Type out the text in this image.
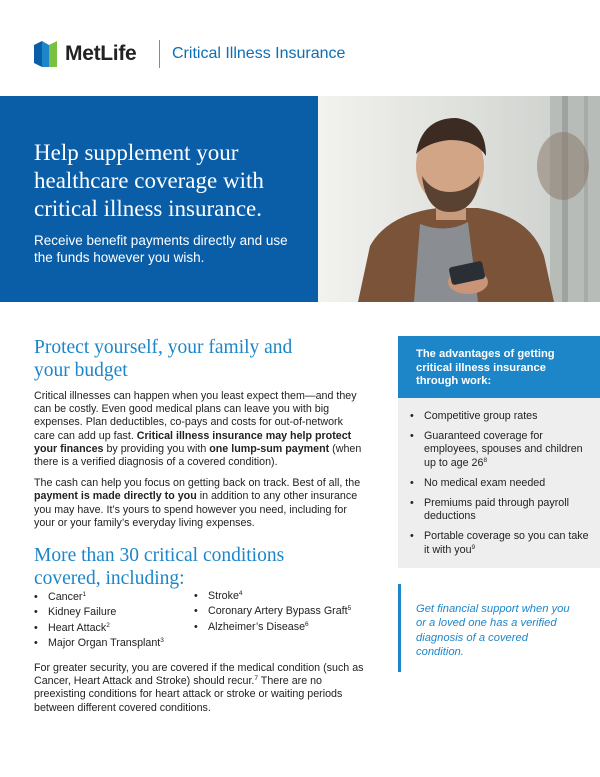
MetLife Critical Illness Insurance
Help supplement your healthcare coverage with critical illness insurance.
Receive benefit payments directly and use the funds however you wish.
Protect yourself, your family and your budget

Critical illnesses can happen when you least expect them—and they can be costly. Even good medical plans can leave you with big expenses. Plan deductibles, co-pays and costs for out-of-network care can add up fast. Critical illness insurance may help protect your finances by providing you with one lump-sum payment (when there is a verified diagnosis of a covered condition).

The cash can help you focus on getting back on track. Best of all, the payment is made directly to you in addition to any other insurance you may have. It’s yours to spend however you need, including for your or your family’s everyday living expenses.

More than 30 critical conditions covered, including:
• Cancer$^1$
• Kidney Failure
• Heart Attack$^2$
• Major Organ Transplant$^3$
• Stroke$^4$
• Coronary Artery Bypass Graft$^5$
• Alzheimer’s Disease$^6$

For greater security, you are covered if the medical condition (such as Cancer, Heart Attack and Stroke) should recur.$^7$ There are no preexisting conditions for heart attack or stroke or waiting periods between different covered conditions.

The advantages of getting critical illness insurance through work:
• Competitive group rates
• Guaranteed coverage for employees, spouses and children up to age $26^8$
• No medical exam needed
• Premiums paid through payroll deductions
• Portable coverage so you can take it with you$^9$
Get financial support when you or a loved one has a verified diagnosis of a covered condition.
